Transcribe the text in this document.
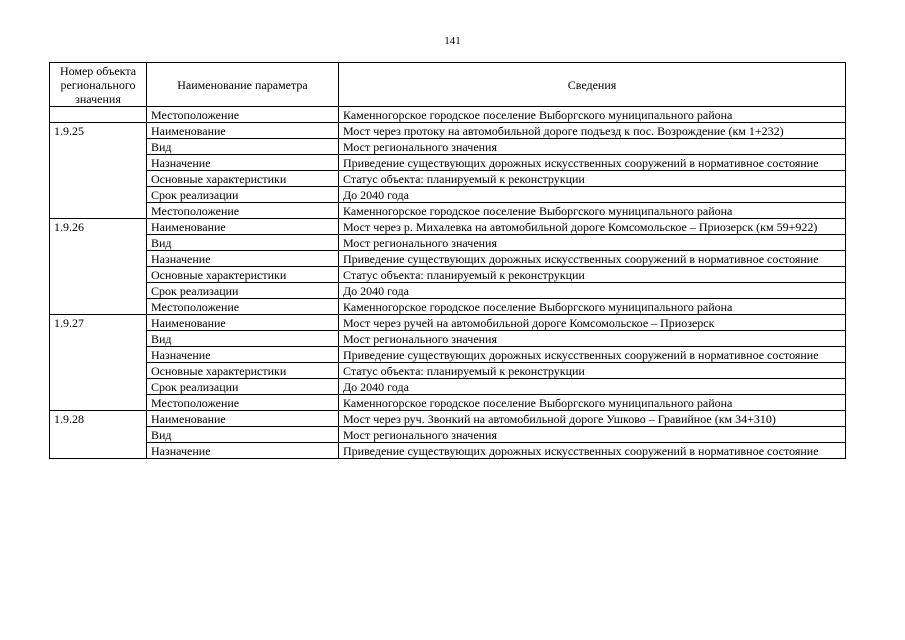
141
Номер объекта регионального значения	Наименование параметра	Сведения
	Местоположение	Каменногорское городское поселение Выборгского муниципального района
1.9.25	Наименование	Мост через протоку на автомобильной дороге подъезд к пос. Возрождение (км 1+232)
	Вид	Мост регионального значения
	Назначение	Приведение существующих дорожных искусственных сооружений в нормативное состояние
	Основные характеристики	Статус объекта: планируемый к реконструкции
	Срок реализации	До 2040 года
	Местоположение	Каменногорское городское поселение Выборгского муниципального района
1.9.26	Наименование	Мост через р. Михалевка на автомобильной дороге Комсомольское – Приозерск (км 59+922)
	Вид	Мост регионального значения
	Назначение	Приведение существующих дорожных искусственных сооружений в нормативное состояние
	Основные характеристики	Статус объекта: планируемый к реконструкции
	Срок реализации	До 2040 года
	Местоположение	Каменногорское городское поселение Выборгского муниципального района
1.9.27	Наименование	Мост через ручей на автомобильной дороге Комсомольское – Приозерск
	Вид	Мост регионального значения
	Назначение	Приведение существующих дорожных искусственных сооружений в нормативное состояние
	Основные характеристики	Статус объекта: планируемый к реконструкции
	Срок реализации	До 2040 года
	Местоположение	Каменногорское городское поселение Выборгского муниципального района
1.9.28	Наименование	Мост через руч. Звонкий на автомобильной дороге Ушково – Гравийное (км 34+310)
	Вид	Мост регионального значения
	Назначение	Приведение существующих дорожных искусственных сооружений в нормативное состояние
